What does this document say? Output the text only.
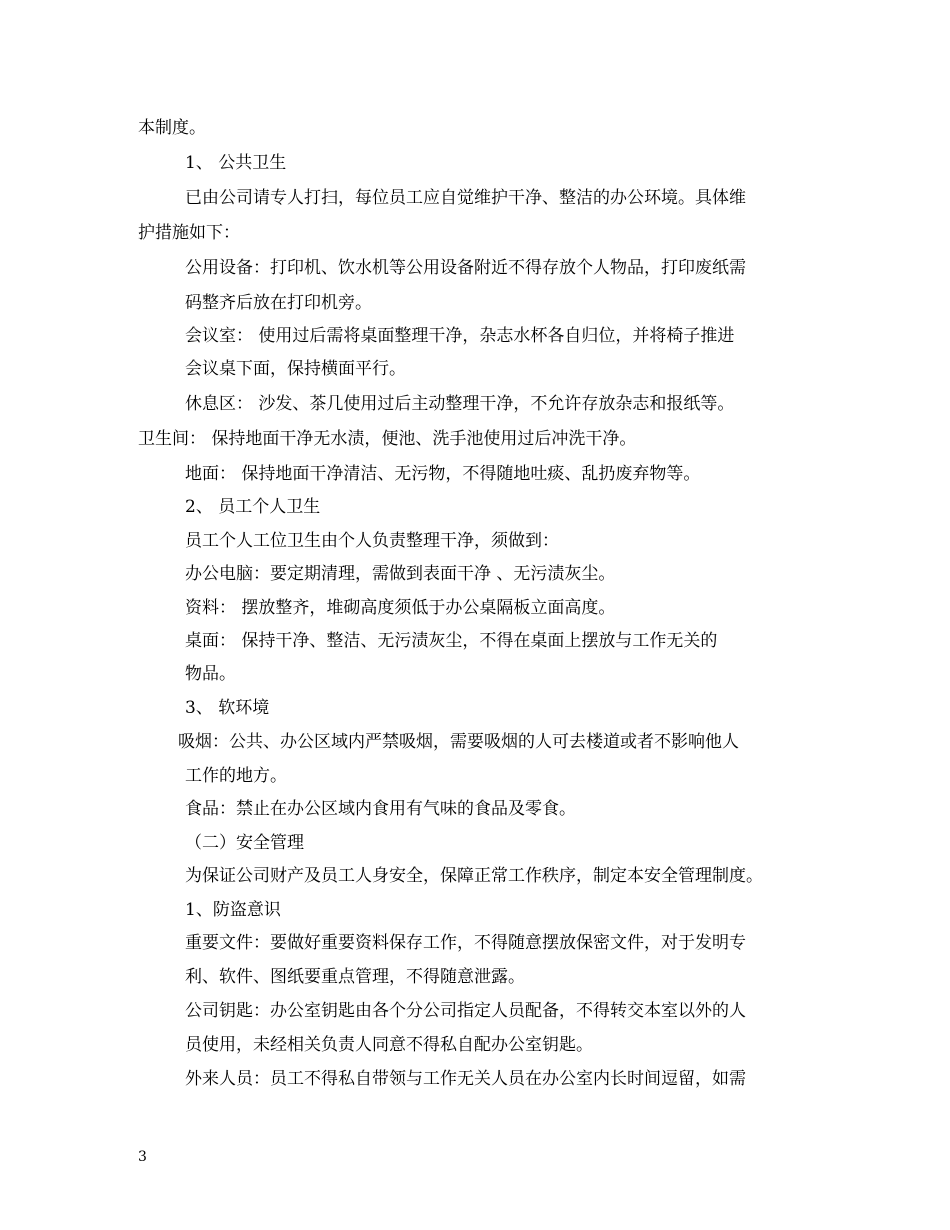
本制度。
1、 公共卫生
已由公司请专人打扫，每位员工应自觉维护干净、整洁的办公环境。具体维
护措施如下：
公用设备：打印机、饮水机等公用设备附近不得存放个人物品，打印废纸需
码整齐后放在打印机旁。
会议室： 使用过后需将桌面整理干净，杂志水杯各自归位，并将椅子推进
会议桌下面，保持横面平行。
休息区： 沙发、茶几使用过后主动整理干净，不允许存放杂志和报纸等。
卫生间： 保持地面干净无水渍，便池、洗手池使用过后冲洗干净。
地面： 保持地面干净清洁、无污物，不得随地吐痰、乱扔废弃物等。
2、 员工个人卫生
员工个人工位卫生由个人负责整理干净，须做到：
办公电脑：要定期清理，需做到表面干净 、无污渍灰尘。
资料： 摆放整齐，堆砌高度须低于办公桌隔板立面高度。
桌面： 保持干净、整洁、无污渍灰尘，不得在桌面上摆放与工作无关的
物品。
3、 软环境
吸烟：公共、办公区域内严禁吸烟，需要吸烟的人可去楼道或者不影响他人
工作的地方。
食品：禁止在办公区域内食用有气味的食品及零食。
（二）安全管理
为保证公司财产及员工人身安全，保障正常工作秩序，制定本安全管理制度。
1、防盗意识
重要文件：要做好重要资料保存工作，不得随意摆放保密文件，对于发明专
利、软件、图纸要重点管理，不得随意泄露。
公司钥匙：办公室钥匙由各个分公司指定人员配备，不得转交本室以外的人
员使用，未经相关负责人同意不得私自配办公室钥匙。
外来人员：员工不得私自带领与工作无关人员在办公室内长时间逗留，如需
3
